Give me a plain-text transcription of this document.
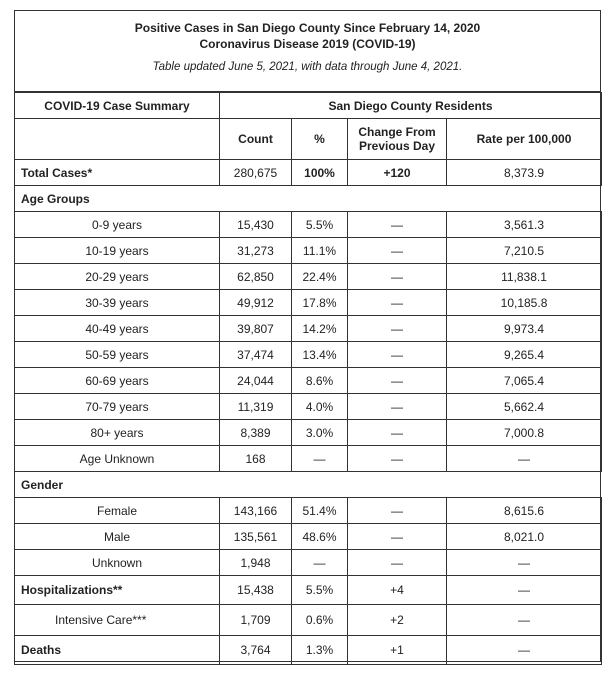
Positive Cases in San Diego County Since February 14, 2020
Coronavirus Disease 2019 (COVID-19)
Table updated June 5, 2021, with data through June 4, 2021.
COVID-19 Case Summary	San Diego County Residents			
	Count	%	Change From Previous Day	Rate per 100,000
Total Cases*	280,675	100%	+120	8,373.9
Age Groups				
0-9 years	15,430	5.5%	—	3,561.3
10-19 years	31,273	11.1%	—	7,210.5
20-29 years	62,850	22.4%	—	11,838.1
30-39 years	49,912	17.8%	—	10,185.8
40-49 years	39,807	14.2%	—	9,973.4
50-59 years	37,474	13.4%	—	9,265.4
60-69 years	24,044	8.6%	—	7,065.4
70-79 years	11,319	4.0%	—	5,662.4
80+ years	8,389	3.0%	—	7,000.8
Age Unknown	168	—	—	—
Gender				
Female	143,166	51.4%	—	8,615.6
Male	135,561	48.6%	—	8,021.0
Unknown	1,948	—	—	—
Hospitalizations**	15,438	5.5%	+4	—
Intensive Care***	1,709	0.6%	+2	—
Deaths	3,764	1.3%	+1	—
